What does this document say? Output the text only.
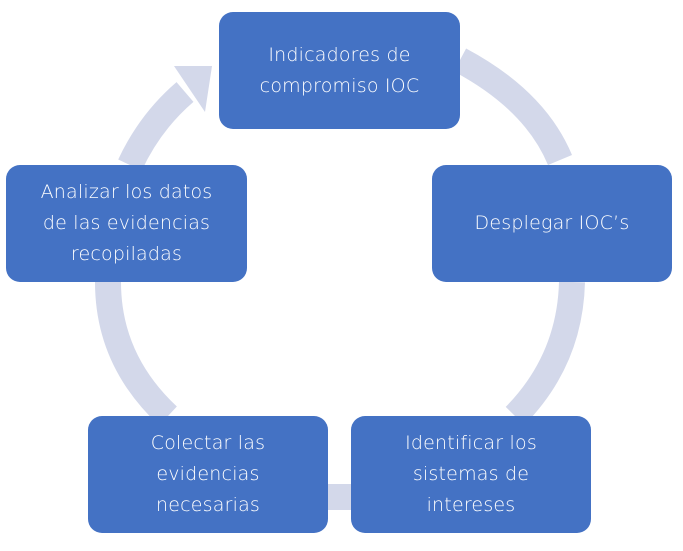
Indicadores de
compromiso IOC
Desplegar IOC’s
Identificar los
sistemas de
intereses
Colectar las
evidencias
necesarias
Analizar los datos
de las evidencias
recopiladas
